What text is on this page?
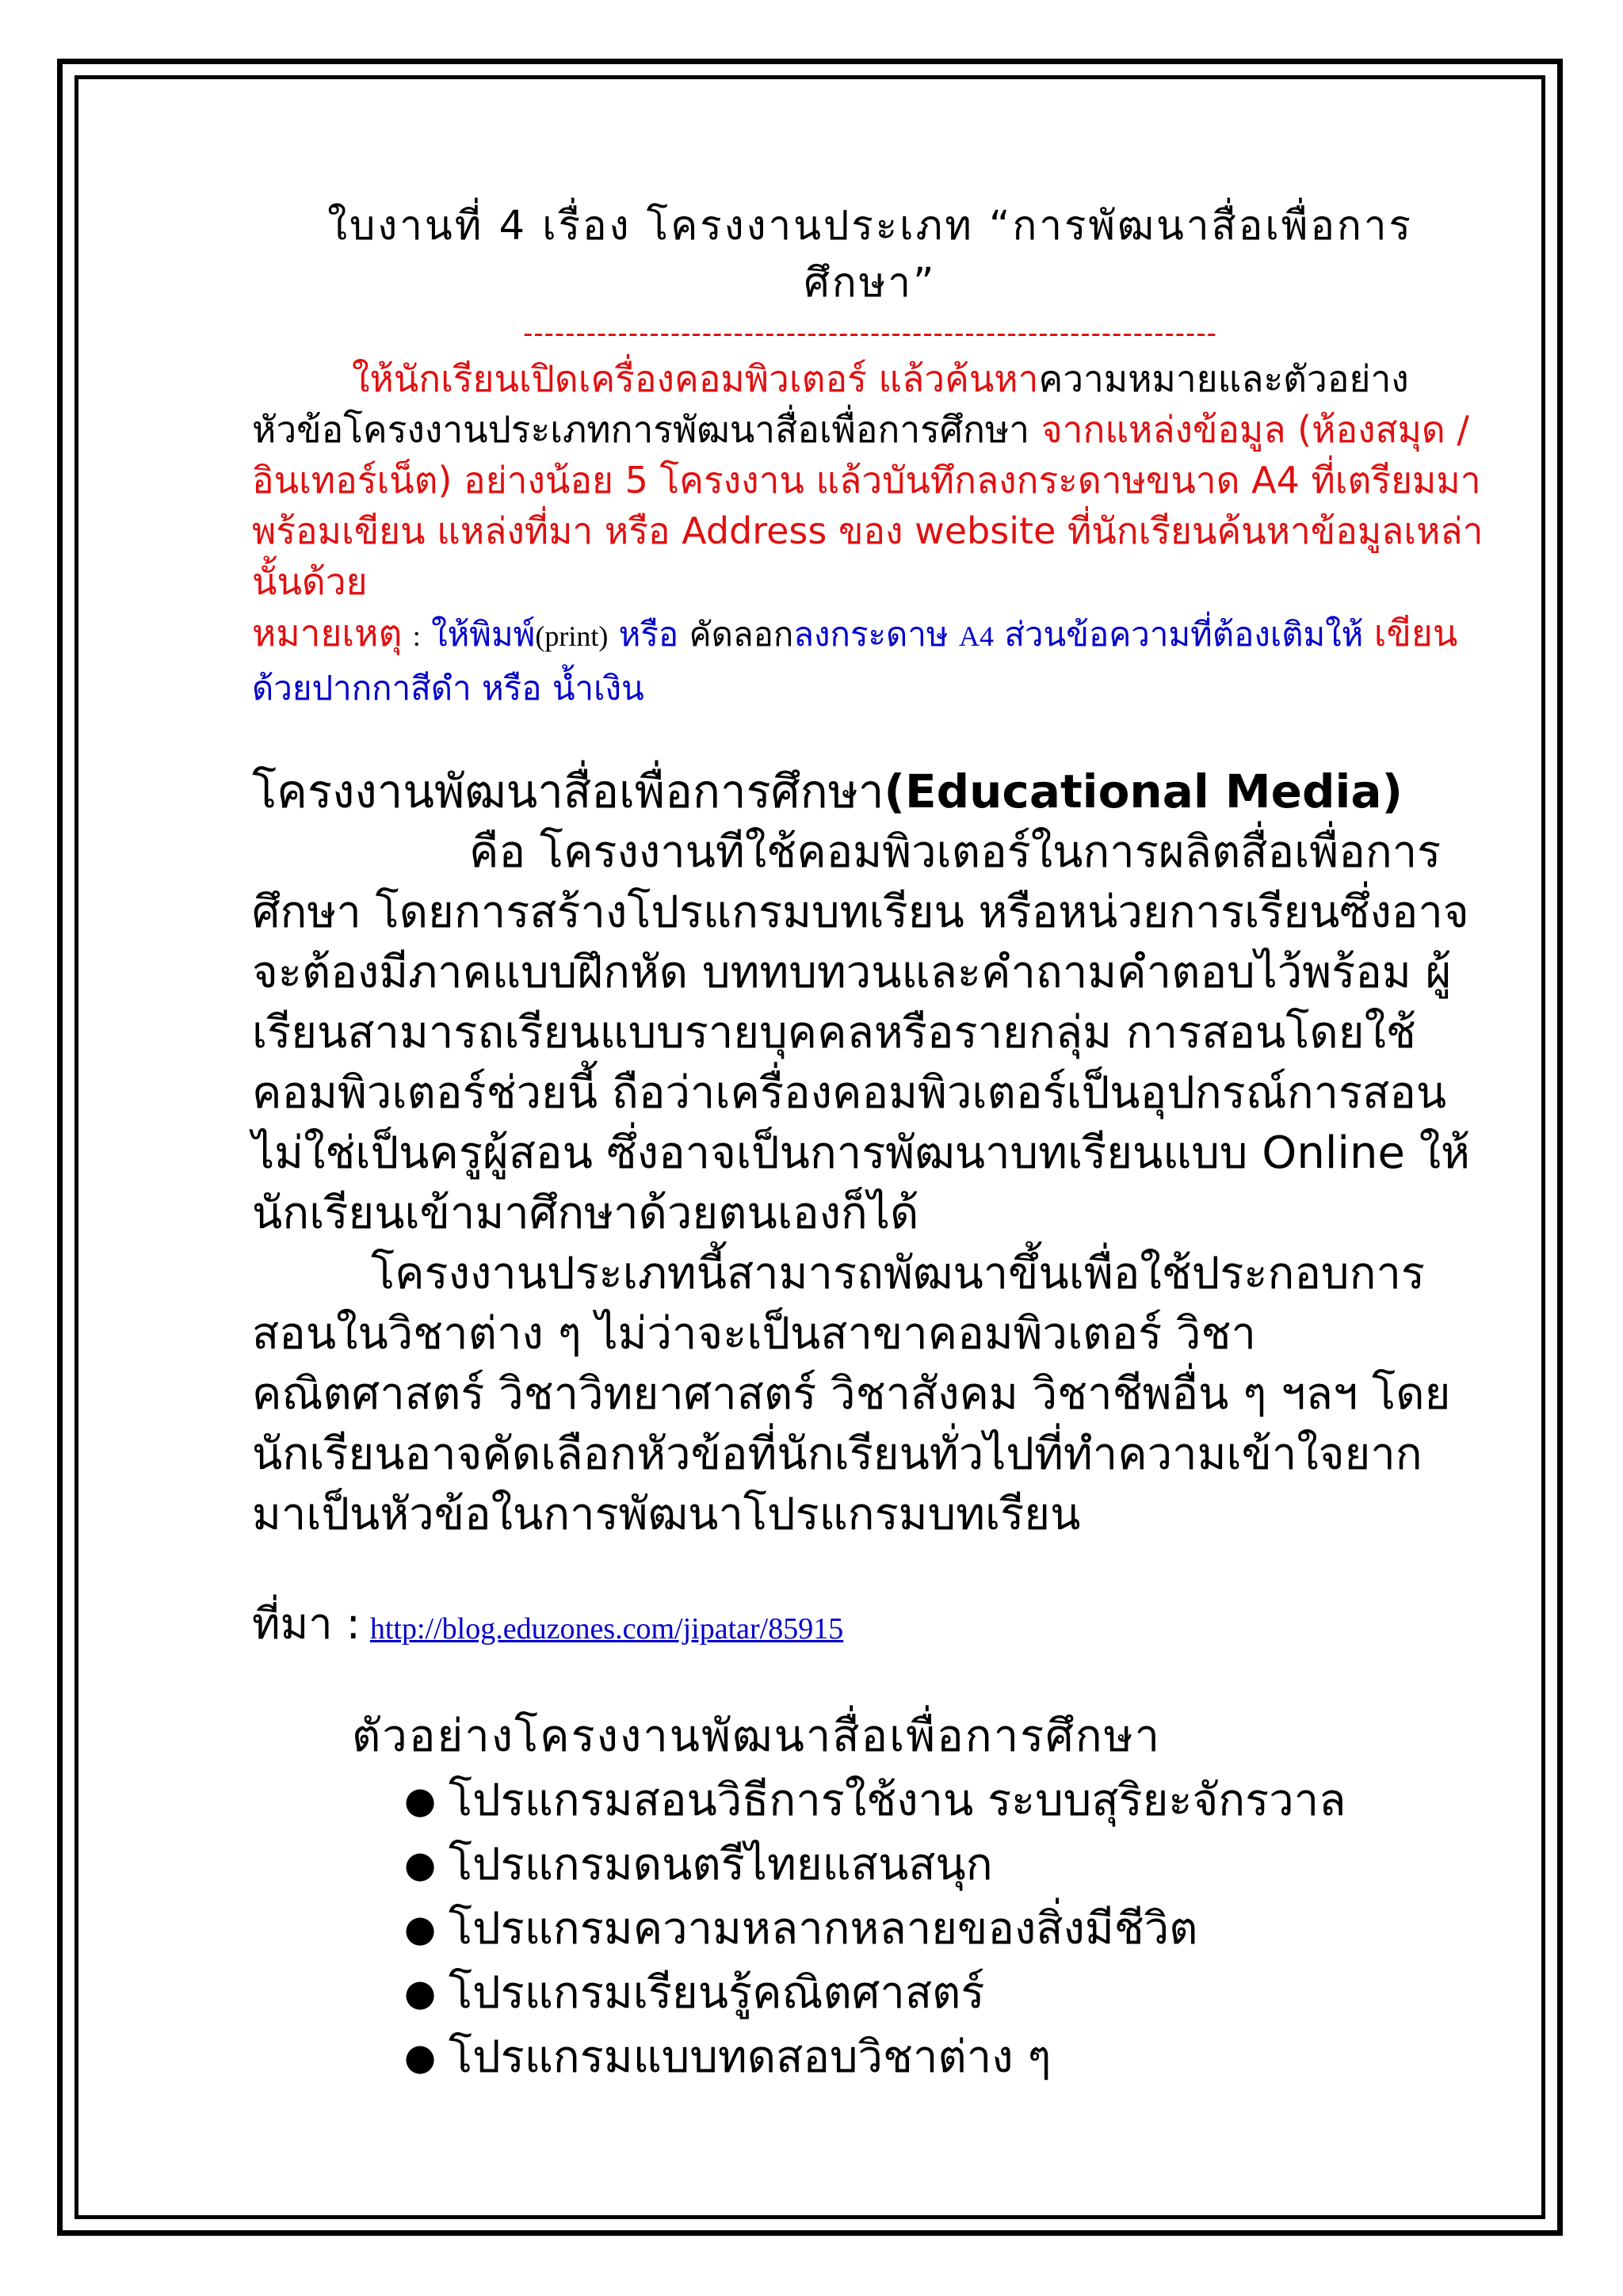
ใบงานที่ 4 เรื่อง โครงงานประเภท “การพัฒนาสื่อเพื่อการ
ศึกษา”

------------------------------------------------------------------

ให้นักเรียนเปิดเครื่องคอมพิวเตอร์ แล้วค้นหาความหมายและตัวอย่างหัวข้อโครงงานประเภทการพัฒนาสื่อเพื่อการศึกษา จากแหล่งข้อมูล (ห้องสมุด / อินเทอร์เน็ต) อย่างน้อย 5 โครงงาน แล้วบันทึกลงกระดาษขนาด A4 ที่เตรียมมาพร้อมเขียน แหล่งที่มา หรือ Address ของ website ที่นักเรียนค้นหาข้อมูลเหล่านั้นด้วย

หมายเหตุ : ให้พิมพ์(print) หรือ คัดลอกลงกระดาษ A4 ส่วนข้อความที่ต้องเติมให้ เขียน ด้วยปากกาสีดำ หรือ น้ำเงิน

โครงงานพัฒนาสื่อเพื่อการศึกษา(Educational Media)

คือ โครงงานทีใช้คอมพิวเตอร์ในการผลิตสื่อเพื่อการศึกษา โดยการสร้างโปรแกรมบทเรียน หรือหน่วยการเรียนซึ่งอาจจะต้องมีภาคแบบฝึกหัด บททบทวนและคำถามคำตอบไว้พร้อม ผู้เรียนสามารถเรียนแบบรายบุคคลหรือรายกลุ่ม การสอนโดยใช้คอมพิวเตอร์ช่วยนี้ ถือว่าเครื่องคอมพิวเตอร์เป็นอุปกรณ์การสอน ไม่ใช่เป็นครูผู้สอน ซึ่งอาจเป็นการพัฒนาบทเรียนแบบ Online ให้นักเรียนเข้ามาศึกษาด้วยตนเองก็ได้

โครงงานประเภทนี้สามารถพัฒนาขึ้นเพื่อใช้ประกอบการสอนในวิชาต่าง ๆ ไม่ว่าจะเป็นสาขาคอมพิวเตอร์ วิชาคณิตศาสตร์ วิชาวิทยาศาสตร์ วิชาสังคม วิชาชีพอื่น ๆ ฯลฯ โดยนักเรียนอาจคัดเลือกหัวข้อที่นักเรียนทั่วไปที่ทำความเข้าใจยาก มาเป็นหัวข้อในการพัฒนาโปรแกรมบทเรียน

ที่มา : http://blog.eduzones.com/jipatar/85915

ตัวอย่างโครงงานพัฒนาสื่อเพื่อการศึกษา

● โปรแกรมสอนวิธีการใช้งาน ระบบสุริยะจักรวาล
● โปรแกรมดนตรีไทยแสนสนุก
● โปรแกรมความหลากหลายของสิ่งมีชีวิต
● โปรแกรมเรียนรู้คณิตศาสตร์
● โปรแกรมแบบทดสอบวิชาต่าง ๆ
